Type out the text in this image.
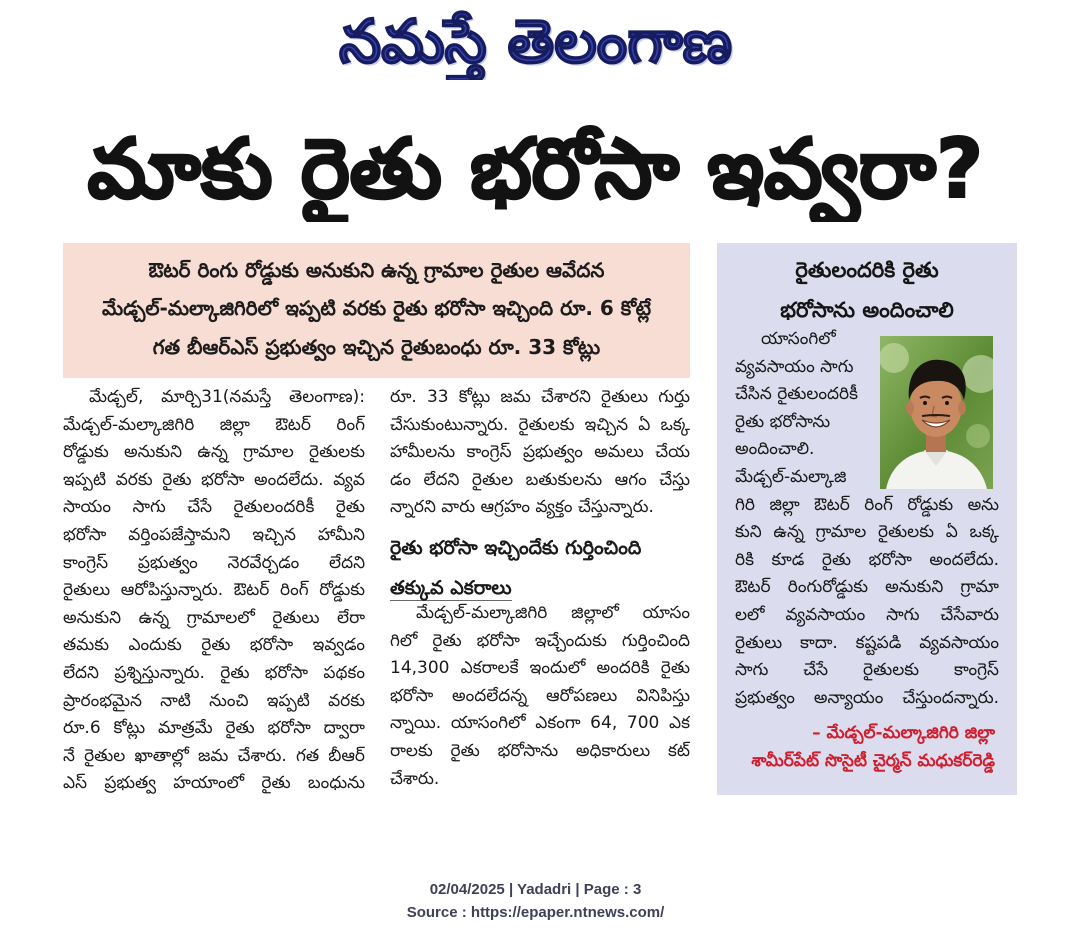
నమస్తే తెలంగాణ
మాకు రైతు భరోసా ఇవ్వరా?
ఔటర్ రింగు రోడ్డుకు అనుకుని ఉన్న గ్రామాల రైతుల ఆవేదన
మేడ్చల్-మల్కాజిగిరిలో ఇప్పటి వరకు రైతు భరోసా ఇచ్చింది రూ. 6 కోట్లే
గత బీఆర్ఎస్ ప్రభుత్వం ఇచ్చిన రైతుబంధు రూ. 33 కోట్లు
మేడ్చల్, మార్చి31(నమస్తే తెలంగాణ):
మేడ్చల్-మల్కాజిగిరి జిల్లా ఔటర్ రింగ్
రోడ్డుకు అనుకుని ఉన్న గ్రామాల రైతులకు
ఇప్పటి వరకు రైతు భరోసా అందలేదు. వ్యవ
సాయం సాగు చేసే రైతులందరికీ రైతు
భరోసా వర్తింపజేస్తామని ఇచ్చిన హామీని
కాంగ్రెస్ ప్రభుత్వం నెరవేర్చడం లేదని
రైతులు ఆరోపిస్తున్నారు. ఔటర్ రింగ్ రోడ్డుకు
అనుకుని ఉన్న గ్రామాలలో రైతులు లేరా
తమకు ఎందుకు రైతు భరోసా ఇవ్వడం
లేదని ప్రశ్నిస్తున్నారు. రైతు భరోసా పథకం
ప్రారంభమైన నాటి నుంచి ఇప్పటి వరకు
రూ.6 కోట్లు మాత్రమే రైతు భరోసా ద్వారా
నే రైతుల ఖాతాల్లో జమ చేశారు. గత బీఆర్
ఎస్ ప్రభుత్వ హయాంలో రైతు బంధును
రూ. 33 కోట్లు జమ చేశారని రైతులు గుర్తు
చేసుకుంటున్నారు. రైతులకు ఇచ్చిన ఏ ఒక్క
హామీలను కాంగ్రెస్ ప్రభుత్వం అమలు చేయ
డం లేదని రైతుల బతుకులను ఆగం చేస్తు
న్నారని వారు ఆగ్రహం వ్యక్తం చేస్తున్నారు.
రైతు భరోసా ఇచ్చిందేకు గుర్తించింది
తక్కువ ఎకరాలు
మేడ్చల్-మల్కాజిగిరి జిల్లాలో యాసం
గిలో రైతు భరోసా ఇచ్చేందుకు గుర్తించింది
14,300 ఎకరాలకే ఇందులో అందరికి రైతు
భరోసా అందలేదన్న ఆరోపణలు వినిపిస్తు
న్నాయి. యాసంగిలో ఎకంగా 64, 700 ఎక
రాలకు రైతు భరోసాను అధికారులు కట్
చేశారు.
రైతులందరికి రైతు
భరోసాను అందించాలి
యాసంగిలో
వ్యవసాయం సాగు
చేసిన రైతులందరికీ
రైతు భరోసాను
అందించాలి.
మేడ్చల్-మల్కాజి
గిరి జిల్లా ఔటర్ రింగ్ రోడ్డుకు అను
కుని ఉన్న గ్రామాల రైతులకు ఏ ఒక్క
రికి కూడ రైతు భరోసా అందలేదు.
ఔటర్ రింగురోడ్డుకు అనుకుని గ్రామా
లలో వ్యవసాయం సాగు చేసేవారు
రైతులు కాదా. కష్టపడి వ్యవసాయం
సాగు చేసే రైతులకు కాంగ్రెస్
ప్రభుత్వం అన్యాయం చేస్తుందన్నారు.
– మేడ్చల్-మల్కాజిగిరి జిల్లా
శామీర్‌పేట్ సొసైటీ చైర్మన్ మధుకర్‌రెడ్డి
02/04/2025 | Yadadri | Page : 3
Source : https://epaper.ntnews.com/
